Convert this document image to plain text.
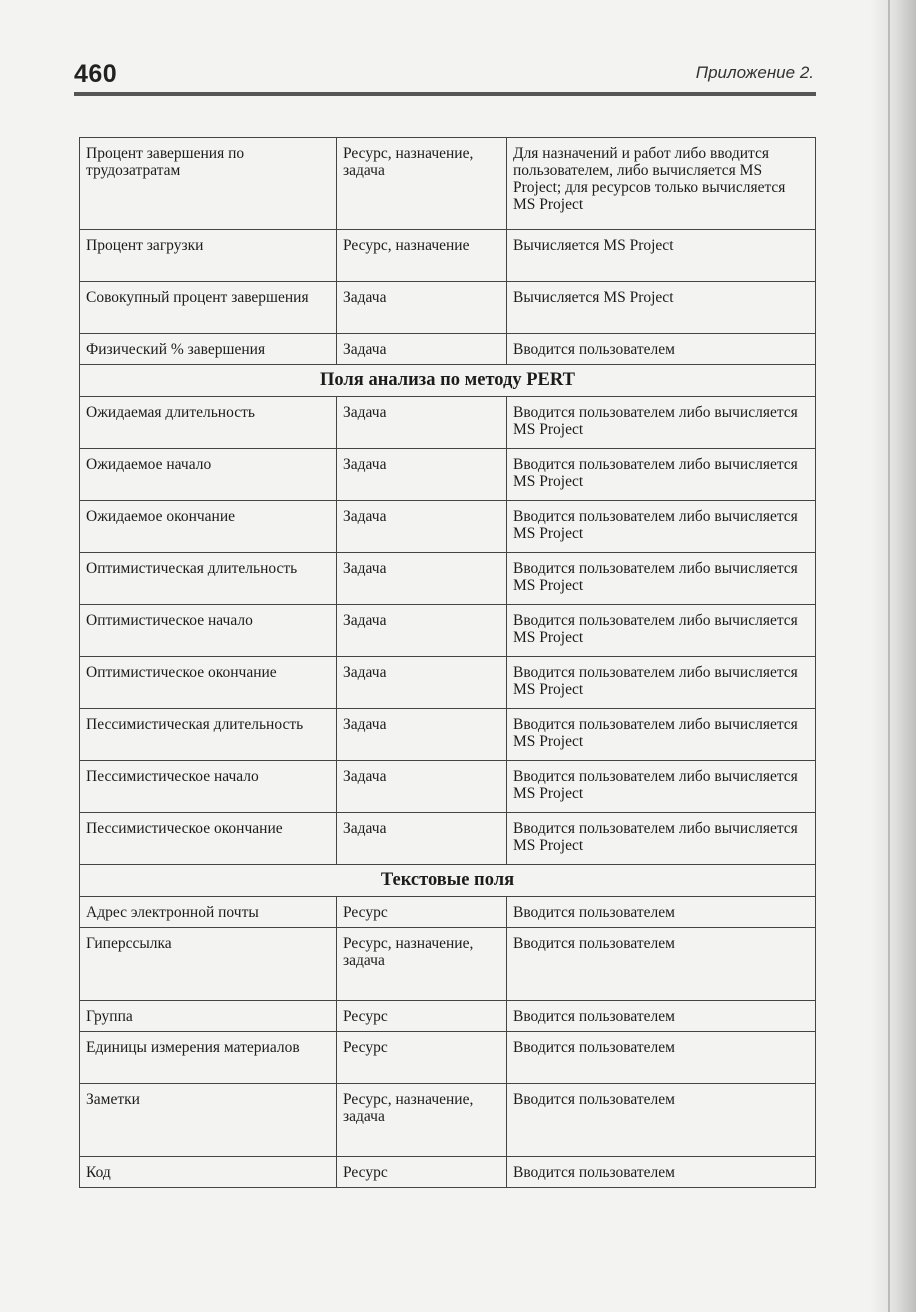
460	Приложение 2.
Процент завершения по трудозатратам	Ресурс, назначение, задача	Для назначений и работ либо вводится пользователем, либо вычисляется MS Project; для ресурсов только вычисляется MS Project
Процент загрузки	Ресурс, назначение	Вычисляется MS Project
Совокупный процент завершения	Задача	Вычисляется MS Project
Физический % завершения	Задача	Вводится пользователем
Поля анализа по методу PERT		
Ожидаемая длительность	Задача	Вводится пользователем либо вычисляется MS Project
Ожидаемое начало	Задача	Вводится пользователем либо вычисляется MS Project
Ожидаемое окончание	Задача	Вводится пользователем либо вычисляется MS Project
Оптимистическая длительность	Задача	Вводится пользователем либо вычисляется MS Project
Оптимистическое начало	Задача	Вводится пользователем либо вычисляется MS Project
Оптимистическое окончание	Задача	Вводится пользователем либо вычисляется MS Project
Пессимистическая длительность	Задача	Вводится пользователем либо вычисляется MS Project
Пессимистическое начало	Задача	Вводится пользователем либо вычисляется MS Project
Пессимистическое окончание	Задача	Вводится пользователем либо вычисляется MS Project
Текстовые поля		
Адрес электронной почты	Ресурс	Вводится пользователем
Гиперссылка	Ресурс, назначение, задача	Вводится пользователем
Группа	Ресурс	Вводится пользователем
Единицы измерения материалов	Ресурс	Вводится пользователем
Заметки	Ресурс, назначение, задача	Вводится пользователем
Код	Ресурс	Вводится пользователем
